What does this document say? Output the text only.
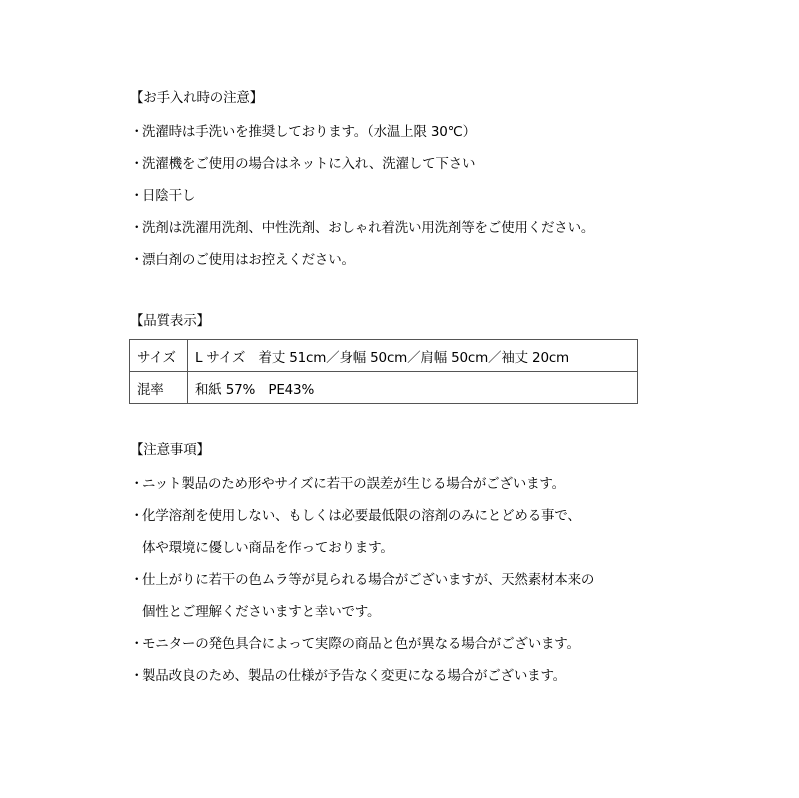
【お手入れ時の注意】
・洗濯時は手洗いを推奨しております。（水温上限 30℃）
・洗濯機をご使用の場合はネットに入れ、洗濯して下さい
・日陰干し
・洗剤は洗濯用洗剤、中性洗剤、おしゃれ着洗い用洗剤等をご使用ください。
・漂白剤のご使用はお控えください。
【品質表示】
サイズ	L サイズ　着丈 51cm／身幅 50cm／肩幅 50cm／袖丈 20cm
混率	和紙 57%　PE43%
【注意事項】
・ニット製品のため形やサイズに若干の誤差が生じる場合がございます。
・化学溶剤を使用しない、もしくは必要最低限の溶剤のみにとどめる事で、
体や環境に優しい商品を作っております。
・仕上がりに若干の色ムラ等が見られる場合がございますが、天然素材本来の
個性とご理解くださいますと幸いです。
・モニターの発色具合によって実際の商品と色が異なる場合がございます。
・製品改良のため、製品の仕様が予告なく変更になる場合がございます。
